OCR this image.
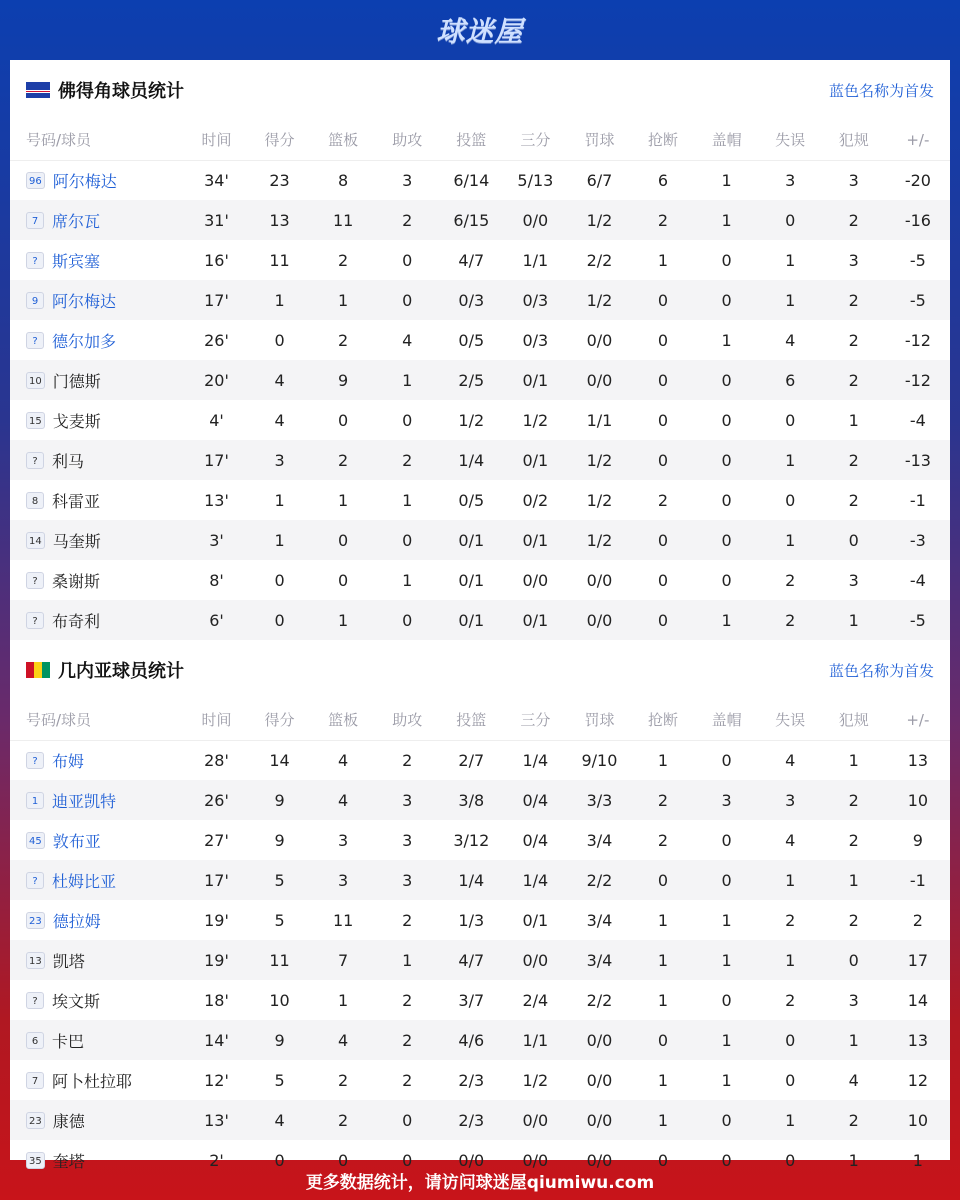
球迷屋
佛得角球员统计	蓝色名称为首发
号码/球员	时间	得分	篮板	助攻	投篮	三分	罚球	抢断	盖帽	失误	犯规	+/-
96 阿尔梅达	34'	23	8	3	6/14	5/13	6/7	6	1	3	3	-20
7 席尔瓦	31'	13	11	2	6/15	0/0	1/2	2	1	0	2	-16
? 斯宾塞	16'	11	2	0	4/7	1/1	2/2	1	0	1	3	-5
9 阿尔梅达	17'	1	1	0	0/3	0/3	1/2	0	0	1	2	-5
? 德尔加多	26'	0	2	4	0/5	0/3	0/0	0	1	4	2	-12
10 门德斯	20'	4	9	1	2/5	0/1	0/0	0	0	6	2	-12
15 戈麦斯	4'	4	0	0	1/2	1/2	1/1	0	0	0	1	-4
? 利马	17'	3	2	2	1/4	0/1	1/2	0	0	1	2	-13
8 科雷亚	13'	1	1	1	0/5	0/2	1/2	2	0	0	2	-1
14 马奎斯	3'	1	0	0	0/1	0/1	1/2	0	0	1	0	-3
? 桑谢斯	8'	0	0	1	0/1	0/0	0/0	0	0	2	3	-4
? 布奇利	6'	0	1	0	0/1	0/1	0/0	0	1	2	1	-5
几内亚球员统计	蓝色名称为首发
号码/球员	时间	得分	篮板	助攻	投篮	三分	罚球	抢断	盖帽	失误	犯规	+/-
? 布姆	28'	14	4	2	2/7	1/4	9/10	1	0	4	1	13
1 迪亚凯特	26'	9	4	3	3/8	0/4	3/3	2	3	3	2	10
45 敦布亚	27'	9	3	3	3/12	0/4	3/4	2	0	4	2	9
? 杜姆比亚	17'	5	3	3	1/4	1/4	2/2	0	0	1	1	-1
23 德拉姆	19'	5	11	2	1/3	0/1	3/4	1	1	2	2	2
13 凯塔	19'	11	7	1	4/7	0/0	3/4	1	1	1	0	17
? 埃文斯	18'	10	1	2	3/7	2/4	2/2	1	0	2	3	14
6 卡巴	14'	9	4	2	4/6	1/1	0/0	0	1	0	1	13
7 阿卜杜拉耶	12'	5	2	2	2/3	1/2	0/0	1	1	0	4	12
23 康德	13'	4	2	0	2/3	0/0	0/0	1	0	1	2	10
35 奎塔	2'	0	0	0	0/0	0/0	0/0	0	0	0	1	1
更多数据统计，请访问球迷屋qiumiwu.com
